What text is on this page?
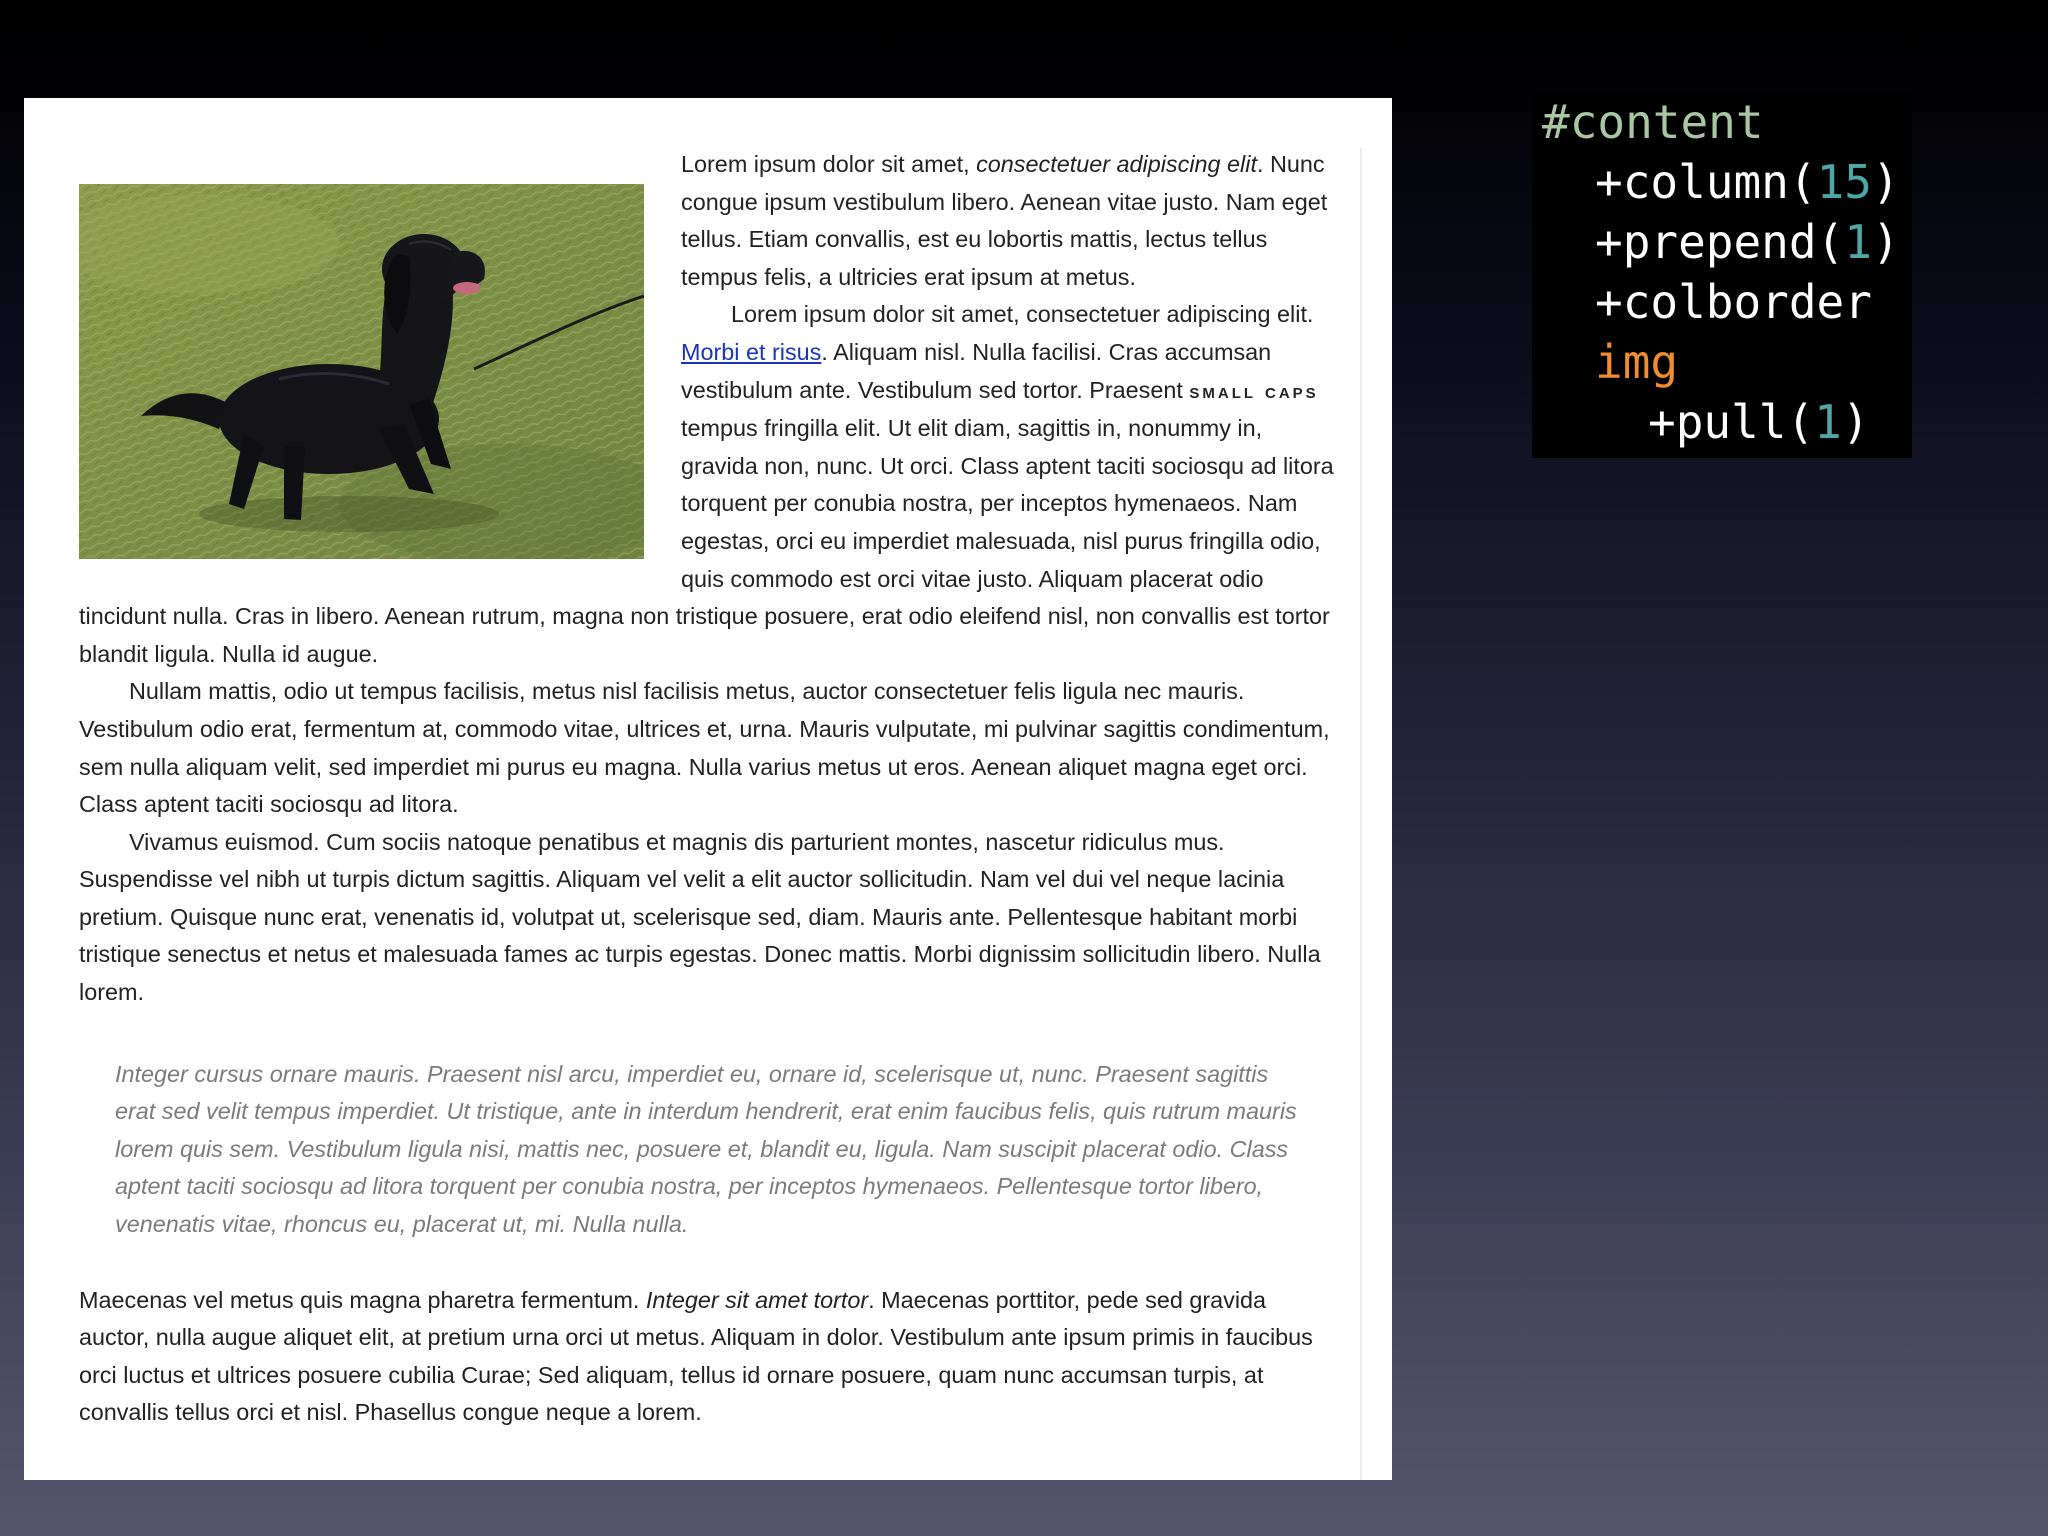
Lorem ipsum dolor sit amet, consectetuer adipiscing elit. Nunc congue ipsum vestibulum libero. Aenean vitae justo. Nam eget tellus. Etiam convallis, est eu lobortis mattis, lectus tellus tempus felis, a ultricies erat ipsum at metus.

Lorem ipsum dolor sit amet, consectetuer adipiscing elit. Morbi et risus. Aliquam nisl. Nulla facilisi. Cras accumsan vestibulum ante. Vestibulum sed tortor. Praesent small caps tempus fringilla elit. Ut elit diam, sagittis in, nonummy in, gravida non, nunc. Ut orci. Class aptent taciti sociosqu ad litora torquent per conubia nostra, per inceptos hymenaeos. Nam egestas, orci eu imperdiet malesuada, nisl purus fringilla odio, quis commodo est orci vitae justo. Aliquam placerat odio tincidunt nulla. Cras in libero. Aenean rutrum, magna non tristique posuere, erat odio eleifend nisl, non convallis est tortor blandit ligula. Nulla id augue.

Nullam mattis, odio ut tempus facilisis, metus nisl facilisis metus, auctor consectetuer felis ligula nec mauris. Vestibulum odio erat, fermentum at, commodo vitae, ultrices et, urna. Mauris vulputate, mi pulvinar sagittis condimentum, sem nulla aliquam velit, sed imperdiet mi purus eu magna. Nulla varius metus ut eros. Aenean aliquet magna eget orci. Class aptent taciti sociosqu ad litora.

Vivamus euismod. Cum sociis natoque penatibus et magnis dis parturient montes, nascetur ridiculus mus. Suspendisse vel nibh ut turpis dictum sagittis. Aliquam vel velit a elit auctor sollicitudin. Nam vel dui vel neque lacinia pretium. Quisque nunc erat, venenatis id, volutpat ut, scelerisque sed, diam. Mauris ante. Pellentesque habitant morbi tristique senectus et netus et malesuada fames ac turpis egestas. Donec mattis. Morbi dignissim sollicitudin libero. Nulla lorem.

Integer cursus ornare mauris. Praesent nisl arcu, imperdiet eu, ornare id, scelerisque ut, nunc. Praesent sagittis erat sed velit tempus imperdiet. Ut tristique, ante in interdum hendrerit, erat enim faucibus felis, quis rutrum mauris lorem quis sem. Vestibulum ligula nisi, mattis nec, posuere et, blandit eu, ligula. Nam suscipit placerat odio. Class aptent taciti sociosqu ad litora torquent per conubia nostra, per inceptos hymenaeos. Pellentesque tortor libero, venenatis vitae, rhoncus eu, placerat ut, mi. Nulla nulla.

Maecenas vel metus quis magna pharetra fermentum. Integer sit amet tortor. Maecenas porttitor, pede sed gravida auctor, nulla augue aliquet elit, at pretium urna orci ut metus. Aliquam in dolor. Vestibulum ante ipsum primis in faucibus orci luctus et ultrices posuere cubilia Curae; Sed aliquam, tellus id ornare posuere, quam nunc accumsan turpis, at convallis tellus orci et nisl. Phasellus congue neque a lorem.

#content
+column(15)
+prepend(1)
+colborder
img
+pull(1)
